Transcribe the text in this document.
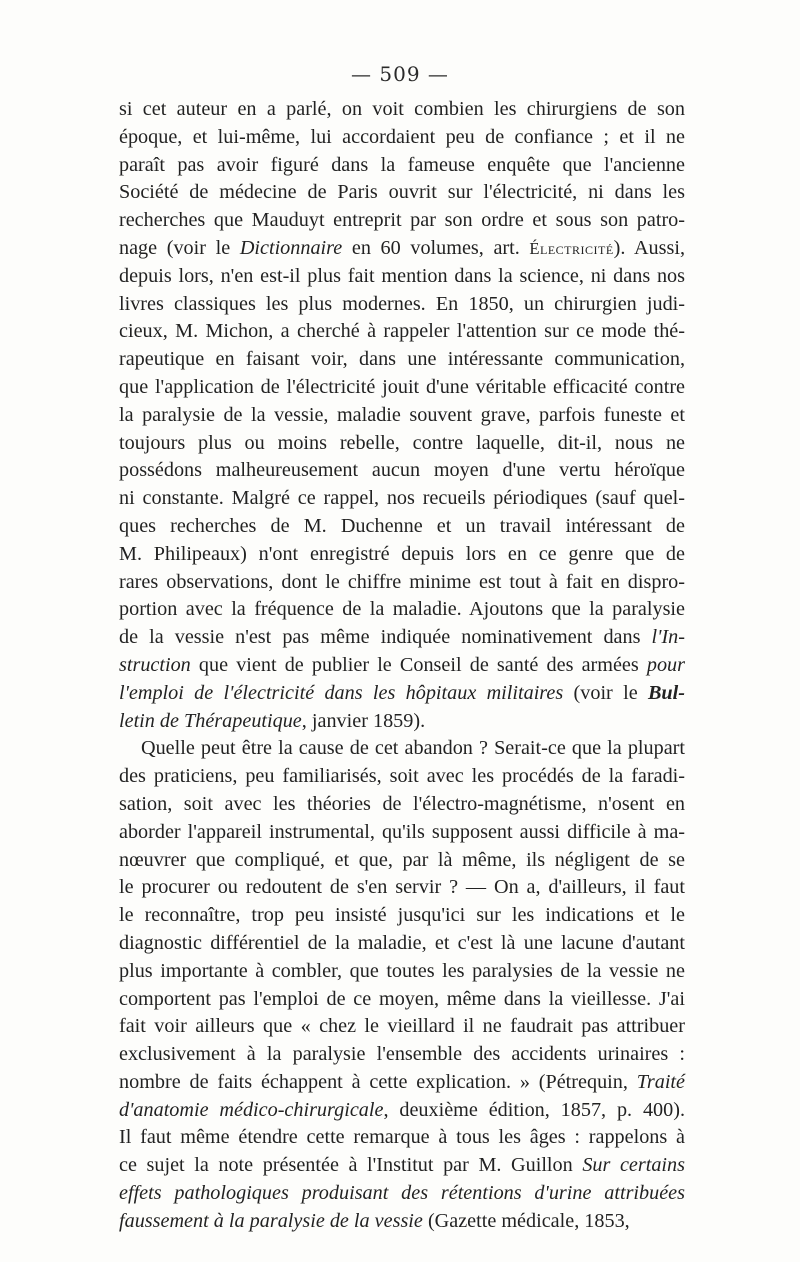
— 509 —
si cet auteur en a parlé, on voit combien les chirurgiens de son
époque, et lui-même, lui accordaient peu de confiance ; et il ne
paraît pas avoir figuré dans la fameuse enquête que l'ancienne
Société de médecine de Paris ouvrit sur l'électricité, ni dans les
recherches que Mauduyt entreprit par son ordre et sous son patro-
nage (voir le Dictionnaire en 60 volumes, art. Électricité). Aussi,
depuis lors, n'en est-il plus fait mention dans la science, ni dans nos
livres classiques les plus modernes. En 1850, un chirurgien judi-
cieux, M. Michon, a cherché à rappeler l'attention sur ce mode thé-
rapeutique en faisant voir, dans une intéressante communication,
que l'application de l'électricité jouit d'une véritable efficacité contre
la paralysie de la vessie, maladie souvent grave, parfois funeste et
toujours plus ou moins rebelle, contre laquelle, dit-il, nous ne
possédons malheureusement aucun moyen d'une vertu héroïque
ni constante. Malgré ce rappel, nos recueils périodiques (sauf quel-
ques recherches de M. Duchenne et un travail intéressant de
M. Philipeaux) n'ont enregistré depuis lors en ce genre que de
rares observations, dont le chiffre minime est tout à fait en dispro-
portion avec la fréquence de la maladie. Ajoutons que la paralysie
de la vessie n'est pas même indiquée nominativement dans l'In-
struction que vient de publier le Conseil de santé des armées pour
l'emploi de l'électricité dans les hôpitaux militaires (voir le Bul-
letin de Thérapeutique, janvier 1859).
Quelle peut être la cause de cet abandon ? Serait-ce que la plupart
des praticiens, peu familiarisés, soit avec les procédés de la faradi-
sation, soit avec les théories de l'électro-magnétisme, n'osent en
aborder l'appareil instrumental, qu'ils supposent aussi difficile à ma-
nœuvrer que compliqué, et que, par là même, ils négligent de se
le procurer ou redoutent de s'en servir ? — On a, d'ailleurs, il faut
le reconnaître, trop peu insisté jusqu'ici sur les indications et le
diagnostic différentiel de la maladie, et c'est là une lacune d'autant
plus importante à combler, que toutes les paralysies de la vessie ne
comportent pas l'emploi de ce moyen, même dans la vieillesse. J'ai
fait voir ailleurs que « chez le vieillard il ne faudrait pas attribuer
exclusivement à la paralysie l'ensemble des accidents urinaires :
nombre de faits échappent à cette explication. » (Pétrequin, Traité
d'anatomie médico-chirurgicale, deuxième édition, 1857, p. 400).
Il faut même étendre cette remarque à tous les âges : rappelons à
ce sujet la note présentée à l'Institut par M. Guillon Sur certains
effets pathologiques produisant des rétentions d'urine attribuées
faussement à la paralysie de la vessie (Gazette médicale, 1853,
